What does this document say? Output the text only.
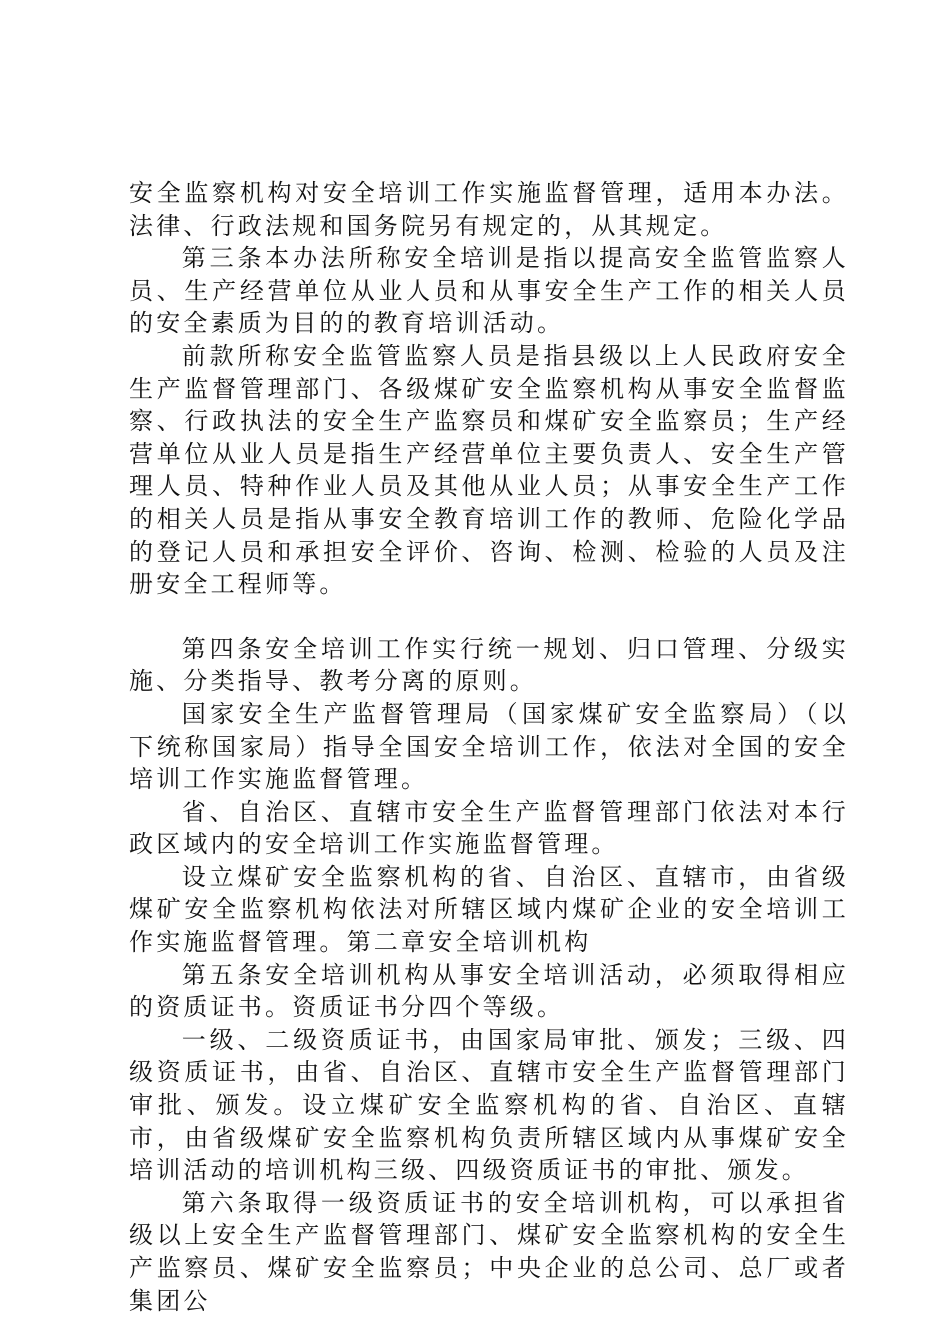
安全监察机构对安全培训工作实施监督管理，适用本办法。法律、行政法规和国务院另有规定的，从其规定。

第三条本办法所称安全培训是指以提高安全监管监察人员、生产经营单位从业人员和从事安全生产工作的相关人员的安全素质为目的的教育培训活动。

前款所称安全监管监察人员是指县级以上人民政府安全生产监督管理部门、各级煤矿安全监察机构从事安全监督监察、行政执法的安全生产监察员和煤矿安全监察员；生产经营单位从业人员是指生产经营单位主要负责人、安全生产管理人员、特种作业人员及其他从业人员；从事安全生产工作的相关人员是指从事安全教育培训工作的教师、危险化学品的登记人员和承担安全评价、咨询、检测、检验的人员及注册安全工程师等。

第四条安全培训工作实行统一规划、归口管理、分级实施、分类指导、教考分离的原则。

国家安全生产监督管理局（国家煤矿安全监察局）（以下统称国家局）指导全国安全培训工作，依法对全国的安全培训工作实施监督管理。

省、自治区、直辖市安全生产监督管理部门依法对本行政区域内的安全培训工作实施监督管理。

设立煤矿安全监察机构的省、自治区、直辖市，由省级煤矿安全监察机构依法对所辖区域内煤矿企业的安全培训工作实施监督管理。第二章安全培训机构

第五条安全培训机构从事安全培训活动，必须取得相应的资质证书。资质证书分四个等级。

一级、二级资质证书，由国家局审批、颁发；三级、四级资质证书，由省、自治区、直辖市安全生产监督管理部门审批、颁发。设立煤矿安全监察机构的省、自治区、直辖市，由省级煤矿安全监察机构负责所辖区域内从事煤矿安全培训活动的培训机构三级、四级资质证书的审批、颁发。

第六条取得一级资质证书的安全培训机构，可以承担省级以上安全生产监督管理部门、煤矿安全监察机构的安全生产监察员、煤矿安全监察员；中央企业的总公司、总厂或者集团公
